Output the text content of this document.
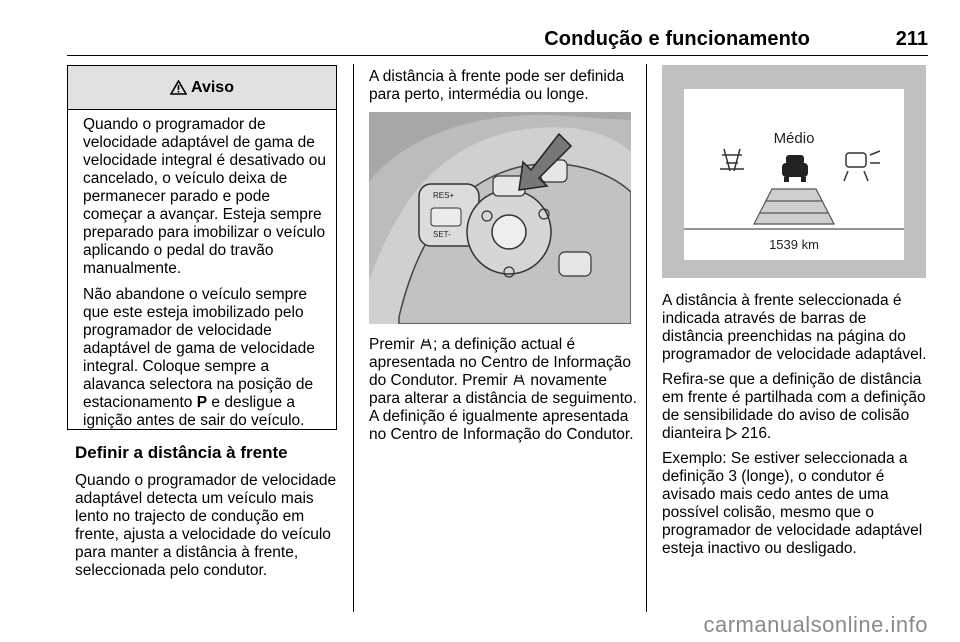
Condução e funcionamento	211
Aviso

Quando o programador de velocidade adaptável de gama de velocidade integral é desativado ou cancelado, o veículo deixa de permanecer parado e pode começar a avançar. Esteja sempre preparado para imobilizar o veículo aplicando o pedal do travão manualmente.

Não abandone o veículo sempre que este esteja imobilizado pelo programador de velocidade adaptável de gama de velocidade integral. Coloque sempre a alavanca selectora na posição de estacionamento P e desligue a ignição antes de sair do veículo.

Definir a distância à frente

Quando o programador de velocidade adaptável detecta um veículo mais lento no trajecto de condução em frente, ajusta a velocidade do veículo para manter a distância à frente, seleccionada pelo condutor.

A distância à frente pode ser definida para perto, intermédia ou longe.

RES+
SET-

Premir ; a definição actual é apresentada no Centro de Informação do Condutor. Premir  novamente para alterar a distância de seguimento. A definição é igualmente apresentada no Centro de Informação do Condutor.

Médio
1539 km

A distância à frente seleccionada é indicada através de barras de distância preenchidas na página do programador de velocidade adaptável.

Refira-se que a definição de distância em frente é partilhada com a definição de sensibilidade do aviso de colisão dianteira  216.

Exemplo: Se estiver seleccionada a definição 3 (longe), o condutor é avisado mais cedo antes de uma possível colisão, mesmo que o programador de velocidade adaptável esteja inactivo ou desligado.

carmanualsonline.info
